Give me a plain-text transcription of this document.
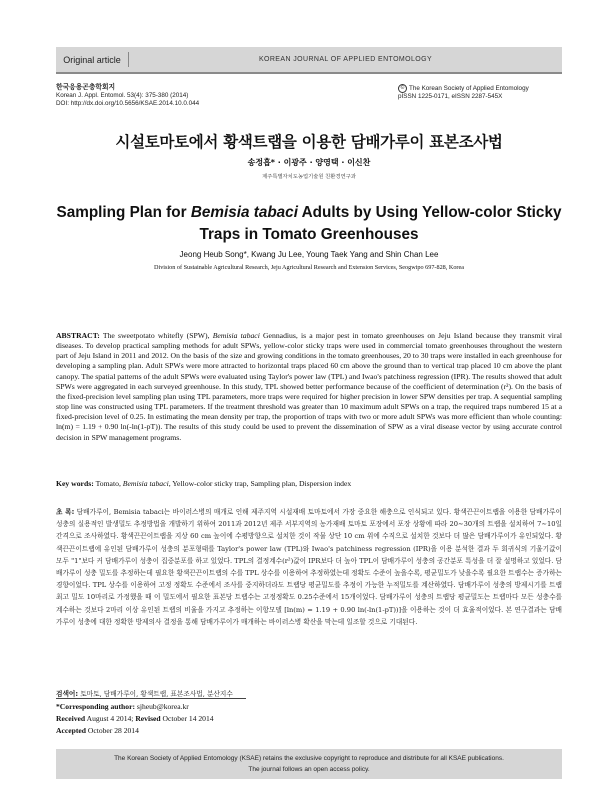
Original article	KOREAN JOURNAL OF APPLIED ENTOMOLOGY
한국응용곤충학회지
Korean J. Appl. Entomol. 53(4): 375-380 (2014)
DOI: http://dx.doi.org/10.5656/KSAE.2014.10.0.044
© The Korean Society of Applied Entomology
pISSN 1225-0171, eISSN 2287-545X
시설토마토에서 황색트랩을 이용한 담배가루이 표본조사법
송정흡* · 이광주 · 양영택 · 이신찬
제주특별자치도농업기술원 친환경연구과
Sampling Plan for Bemisia tabaci Adults by Using Yellow-color Sticky Traps in Tomato Greenhouses
Jeong Heub Song*, Kwang Ju Lee, Young Taek Yang and Shin Chan Lee
Division of Sustainable Agricultural Research, Jeju Agricultural Research and Extension Services, Seogwipo 697-828, Korea
ABSTRACT: The sweetpotato whitefly (SPW), Bemisia tabaci Gennadius, is a major pest in tomato greenhouses on Jeju Island because they transmit viral diseases. To develop practical sampling methods for adult SPWs, yellow-color sticky traps were used in commercial tomato greenhouses throughout the western part of Jeju Island in 2011 and 2012. On the basis of the size and growing conditions in the tomato greenhouses, 20 to 30 traps were installed in each greenhouse for developing a sampling plan. Adult SPWs were more attracted to horizontal traps placed 60 cm above the ground than to vertical trap placed 10 cm above the plant canopy. The spatial patterns of the adult SPWs were evaluated using Taylor's power law (TPL) and Iwao's patchiness regression (IPR). The results showed that adult SPWs were aggregated in each surveyed greenhouse. In this study, TPL showed better performance because of the coefficient of determination (r²). On the basis of the fixed-precision level sampling plan using TPL parameters, more traps were required for higher precision in lower SPW densities per trap. A sequential sampling stop line was constructed using TPL parameters. If the treatment threshold was greater than 10 maximum adult SPWs on a trap, the required traps numbered 15 at a fixed-precision level of 0.25. In estimating the mean density per trap, the proportion of traps with two or more adult SPWs was more efficient than whole counting: ln(m) = 1.19 + 0.90 ln(-ln(1-pT)). The results of this study could be used to prevent the dissemination of SPW as a viral disease vector by using accurate control decision in SPW management programs.
Key words: Tomato, Bemisia tabaci, Yellow-color sticky trap, Sampling plan, Dispersion index
초 록: 담배가루이, Bemisia tabaci는 바이러스병의 매개로 인해 제주지역 시설재배 토마토에서 가장 중요한 해충으로 인식되고 있다. 황색끈끈이트랩을 이용한 담배가루이 성충의 실용적인 발생밀도 추정방법을 개발하기 위하여 2011과 2012년 제주 서부지역의 농가재배 토마토 포장에서 포장 상황에 따라 20∼30개의 트랩을 설치하여 7∼10일 간격으로 조사하였다. 황색끈끈이트랩을 지상 60 cm 높이에 수평방향으로 설치한 것이 작물 상단 10 cm 위에 수직으로 설치한 것보다 더 많은 담배가루이가 유인되었다. 황색끈끈이트랩에 유인된 담배가루이 성충의 분포형태를 Taylor's power law (TPL)와 Iwao's patchiness regression (IPR)을 이용 분석한 결과 두 회귀식의 기울기값이 모두 "1"보다 커 담배가루이 성충이 집중분포를 하고 있었다. TPL의 결정계수(r²)값이 IPR보다 더 높아 TPL이 담배가루이 성충의 공간분포 특성을 더 잘 설명하고 있었다. 담배가루이 성충 밀도를 추정하는데 필요한 황색끈끈이트랩의 수를 TPL 상수를 이용하여 추정하였는데 정확도 수준이 높을수록, 평균밀도가 낮을수록 필요한 트랩수는 증가하는 경향이었다. TPL 상수를 이용하여 고정 정확도 수준에서 조사를 중지하더라도 트랩당 평균밀도를 추정이 가능한 누적밀도를 계산하였다. 담배가루이 성충의 방제시기를 트랩 최고 밀도 10마리로 가정했을 때 이 밀도에서 필요한 표본당 트랩수는 고정정확도 0.25수준에서 15개이었다. 담배가루이 성충의 트랩당 평균밀도는 트랩마다 모든 성충수를 계수하는 것보다 2마리 이상 유인된 트랩의 비율을 가지고 추정하는 이항모델 [ln(m) = 1.19 + 0.90 ln(-ln(1-pT))]을 이용하는 것이 더 효율적이었다. 본 연구결과는 담배가루이 성충에 대한 정확한 방제의사 결정을 통해 담배가루이가 매개하는 바이러스병 확산을 막는데 일조할 것으로 기대된다.
검색어: 토마토, 담배가루이, 황색트랩, 표본조사법, 분산지수
*Corresponding author: sjheub@korea.kr
Received August 4 2014; Revised October 14 2014
Accepted October 28 2014
The Korean Society of Applied Entomology (KSAE) retains the exclusive copyright to reproduce and distribute for all KSAE publications.
The journal follows an open access policy.
